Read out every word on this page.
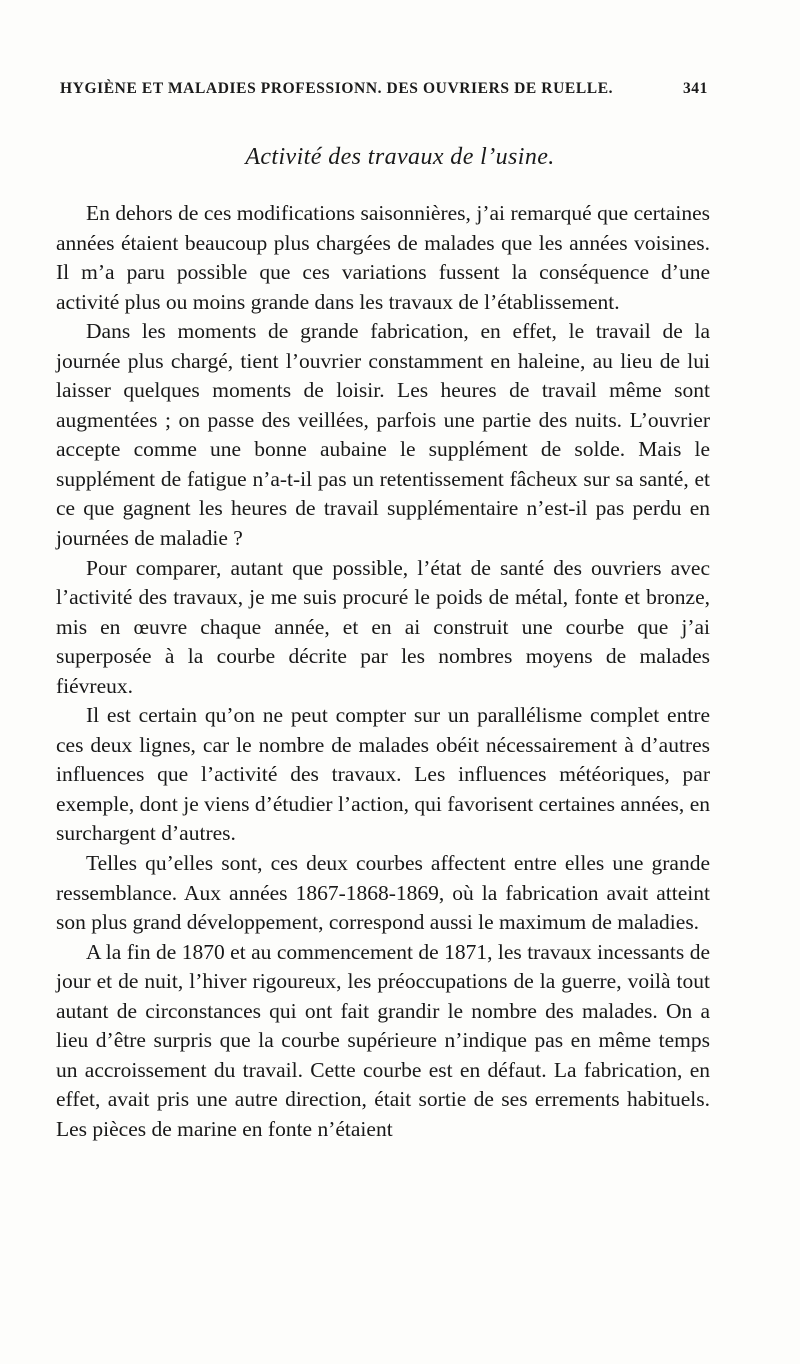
HYGIÈNE ET MALADIES PROFESSIONN. DES OUVRIERS DE RUELLE.	341
Activité des travaux de l’usine.

En dehors de ces modifications saisonnières, j’ai remarqué que certaines années étaient beaucoup plus chargées de malades que les années voisines. Il m’a paru possible que ces variations fussent la conséquence d’une activité plus ou moins grande dans les travaux de l’établissement.

Dans les moments de grande fabrication, en effet, le travail de la journée plus chargé, tient l’ouvrier constamment en haleine, au lieu de lui laisser quelques moments de loisir. Les heures de travail même sont augmentées ; on passe des veillées, parfois une partie des nuits. L’ouvrier accepte comme une bonne aubaine le supplément de solde. Mais le supplément de fatigue n’a-t-il pas un retentissement fâcheux sur sa santé, et ce que gagnent les heures de travail supplémentaire n’est-il pas perdu en journées de maladie ?

Pour comparer, autant que possible, l’état de santé des ouvriers avec l’activité des travaux, je me suis procuré le poids de métal, fonte et bronze, mis en œuvre chaque année, et en ai construit une courbe que j’ai superposée à la courbe décrite par les nombres moyens de malades fiévreux.

Il est certain qu’on ne peut compter sur un parallélisme complet entre ces deux lignes, car le nombre de malades obéit nécessairement à d’autres influences que l’activité des travaux. Les influences météoriques, par exemple, dont je viens d’étudier l’action, qui favorisent certaines années, en surchargent d’autres.

Telles qu’elles sont, ces deux courbes affectent entre elles une grande ressemblance. Aux années 1867-1868-1869, où la fabrication avait atteint son plus grand développement, correspond aussi le maximum de maladies.

A la fin de 1870 et au commencement de 1871, les travaux incessants de jour et de nuit, l’hiver rigoureux, les préoccupations de la guerre, voilà tout autant de circonstances qui ont fait grandir le nombre des malades. On a lieu d’être surpris que la courbe supérieure n’indique pas en même temps un accroissement du travail. Cette courbe est en défaut. La fabrication, en effet, avait pris une autre direction, était sortie de ses errements habituels. Les pièces de marine en fonte n’étaient
